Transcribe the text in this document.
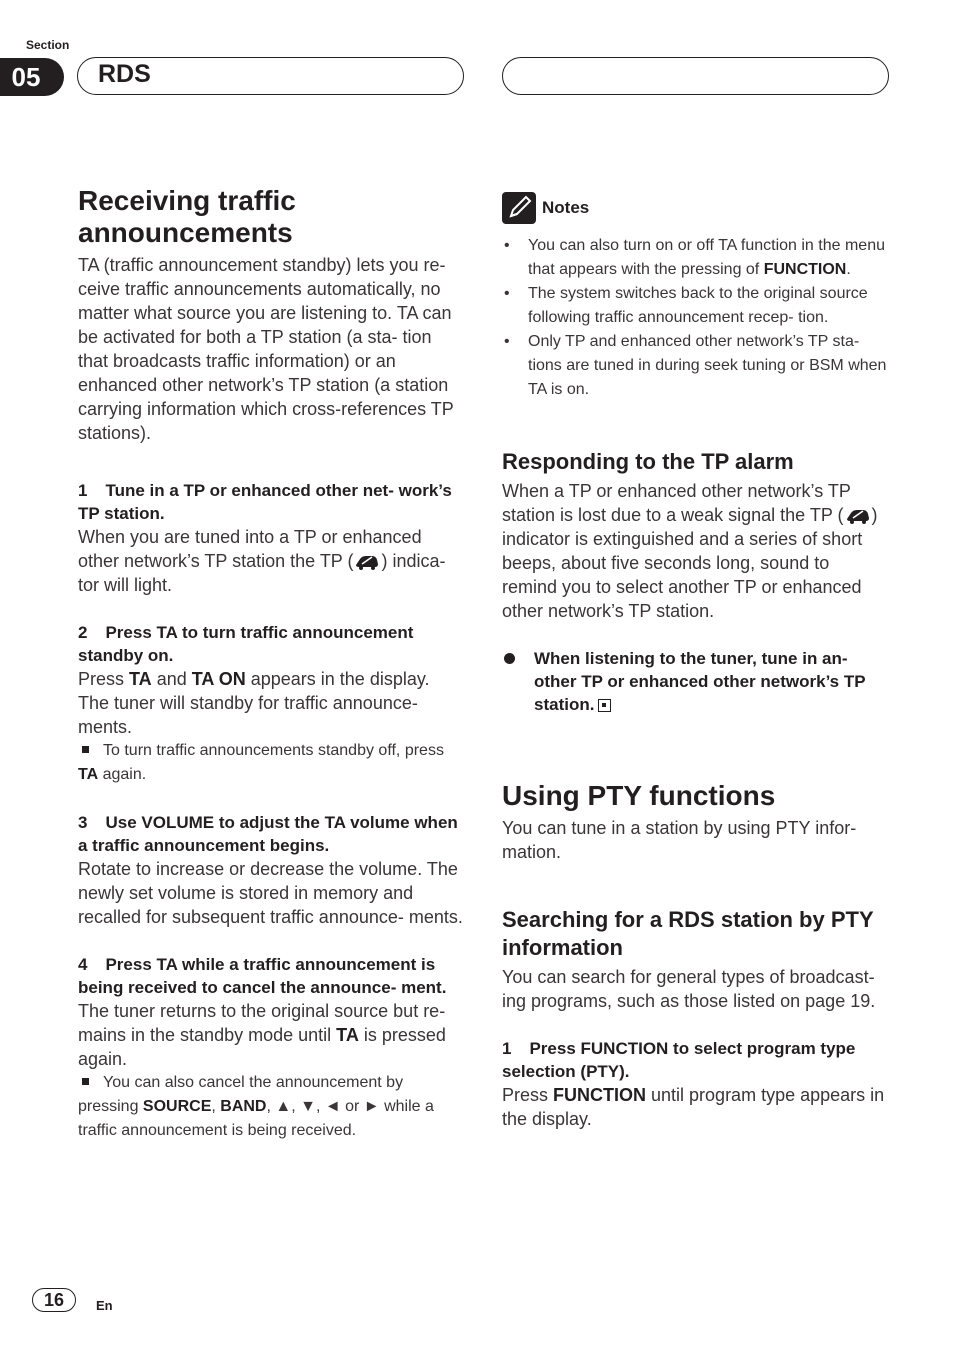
Section
05	RDS
Receiving traffic
announcements

TA (traffic announcement standby) lets you re- ceive traffic announcements automatically, no matter what source you are listening to. TA can be activated for both a TP station (a sta- tion that broadcasts traffic information) or an enhanced other network’s TP station (a station carrying information which cross-references TP stations).

1 Tune in a TP or enhanced other net- work’s TP station.

When you are tuned into a TP or enhanced other network’s TP station the TP ( ) indica- tor will light.

2 Press TA to turn traffic announcement standby on.

Press TA and TA ON appears in the display. The tuner will standby for traffic announce- ments.

To turn traffic announcements standby off, press TA again.

3 Use VOLUME to adjust the TA volume when a traffic announcement begins.

Rotate to increase or decrease the volume. The newly set volume is stored in memory and recalled for subsequent traffic announce- ments.

4 Press TA while a traffic announcement is being received to cancel the announce- ment.

The tuner returns to the original source but re- mains in the standby mode until TA is pressed again.

You can also cancel the announcement by pressing SOURCE, BAND, ▲, ▼, ◄ or ► while a traffic announcement is being received.

Notes
• You can also turn on or off TA function in the menu that appears with the pressing of FUNCTION.
• The system switches back to the original source following traffic announcement recep- tion.
• Only TP and enhanced other network’s TP sta- tions are tuned in during seek tuning or BSM when TA is on.
Responding to the TP alarm

When a TP or enhanced other network’s TP station is lost due to a weak signal the TP ( ) indicator is extinguished and a series of short beeps, about five seconds long, sound to remind you to select another TP or enhanced other network’s TP station.

When listening to the tuner, tune in an- other TP or enhanced other network’s TP station.

Using PTY functions

You can tune in a station by using PTY infor- mation.

Searching for a RDS station by PTY information

You can search for general types of broadcast- ing programs, such as those listed on page 19.

1 Press FUNCTION to select program type selection (PTY).

Press FUNCTION until program type appears in the display.

16	En
